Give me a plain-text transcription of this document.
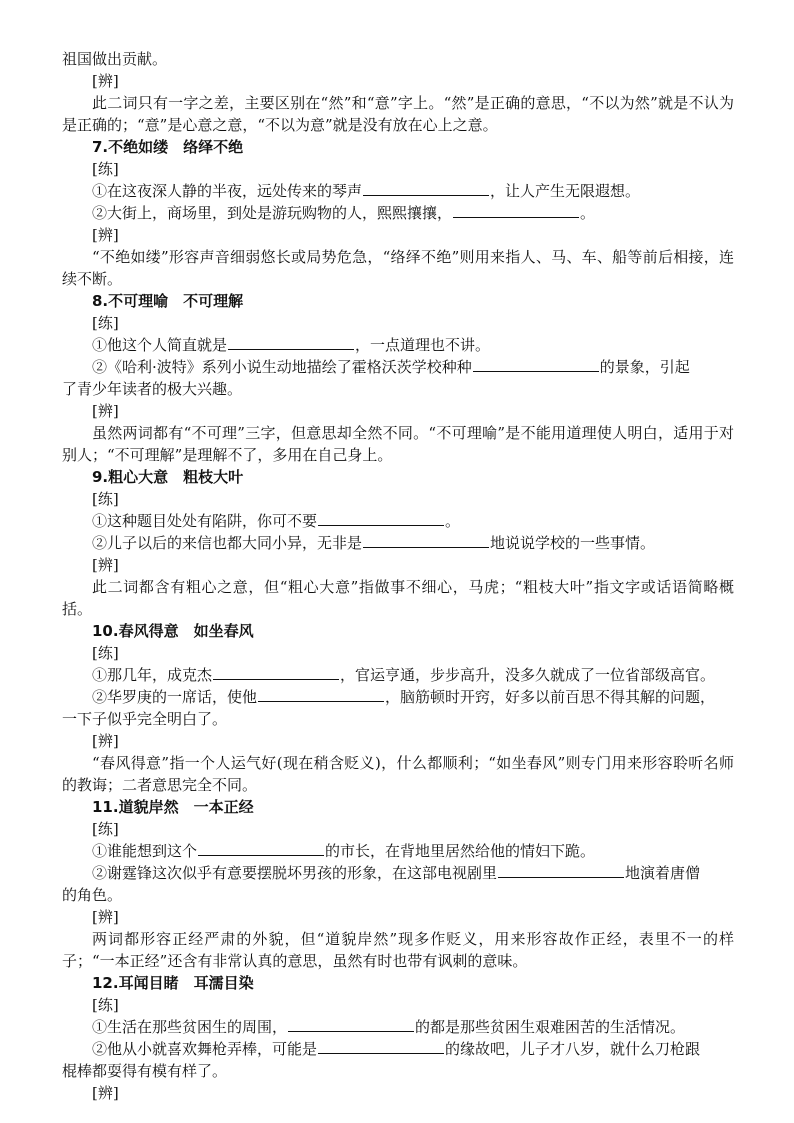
祖国做出贡献。
[辨]
此二词只有一字之差，主要区别在“然”和“意”字上。“然”是正确的意思，“不以为然”就是不认为是正确的；“意”是心意之意，“不以为意”就是没有放在心上之意。
7.不绝如缕　络绎不绝
[练]
①在这夜深人静的半夜，远处传来的琴声	，让人产生无限遐想。
②大街上，商场里，到处是游玩购物的人，熙熙攘攘，	。
[辨]
“不绝如缕”形容声音细弱悠长或局势危急，“络绎不绝”则用来指人、马、车、船等前后相接，连续不断。
8.不可理喻　不可理解
[练]
①他这个人简直就是	，一点道理也不讲。
②《哈利·波特》系列小说生动地描绘了霍格沃茨学校种种	的景象，引起
了青少年读者的极大兴趣。
[辨]
虽然两词都有“不可理”三字，但意思却全然不同。“不可理喻”是不能用道理使人明白，适用于对别人；“不可理解”是理解不了，多用在自己身上。
9.粗心大意　粗枝大叶
[练]
①这种题目处处有陷阱，你可不要	。
②儿子以后的来信也都大同小异，无非是	地说说学校的一些事情。
[辨]
此二词都含有粗心之意，但“粗心大意”指做事不细心，马虎；“粗枝大叶”指文字或话语简略概括。
10.春风得意　如坐春风
[练]
①那几年，成克杰	，官运亨通，步步高升，没多久就成了一位省部级高官。
②华罗庚的一席话，使他	，脑筋顿时开窍，好多以前百思不得其解的问题，
一下子似乎完全明白了。
[辨]
“春风得意”指一个人运气好(现在稍含贬义)，什么都顺利；“如坐春风”则专门用来形容聆听名师的教诲；二者意思完全不同。
11.道貌岸然　一本正经
[练]
①谁能想到这个	的市长，在背地里居然给他的情妇下跪。
②谢霆锋这次似乎有意要摆脱坏男孩的形象，在这部电视剧里	地演着唐僧
的角色。
[辨]
两词都形容正经严肃的外貌，但“道貌岸然”现多作贬义，用来形容故作正经，表里不一的样子；“一本正经”还含有非常认真的意思，虽然有时也带有讽刺的意味。
12.耳闻目睹　耳濡目染
[练]
①生活在那些贫困生的周围，	的都是那些贫困生艰难困苦的生活情况。
②他从小就喜欢舞枪弄棒，可能是	的缘故吧，儿子才八岁，就什么刀枪跟
棍棒都耍得有模有样了。
[辨]
